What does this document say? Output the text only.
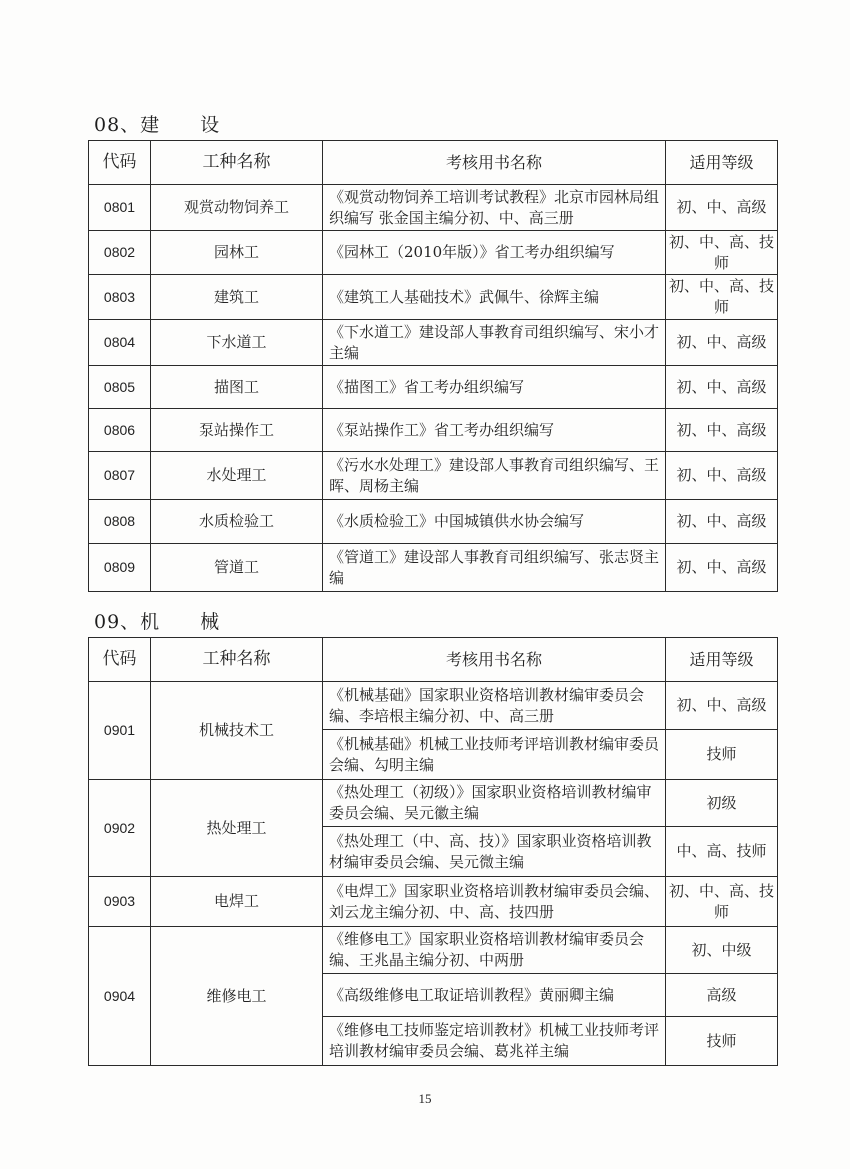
08、建　　设
代码	工种名称	考核用书名称	适用等级
0801	观赏动物饲养工	《观赏动物饲养工培训考试教程》北京市园林局组织编写 张金国主编分初、中、高三册	初、中、高级
0802	园林工	《园林工（2010年版）》省工考办组织编写	初、中、高、技师
0803	建筑工	《建筑工人基础技术》武佩牛、徐辉主编	初、中、高、技师
0804	下水道工	《下水道工》建设部人事教育司组织编写、宋小才主编	初、中、高级
0805	描图工	《描图工》省工考办组织编写	初、中、高级
0806	泵站操作工	《泵站操作工》省工考办组织编写	初、中、高级
0807	水处理工	《污水水处理工》建设部人事教育司组织编写、王晖、周杨主编	初、中、高级
0808	水质检验工	《水质检验工》中国城镇供水协会编写	初、中、高级
0809	管道工	《管道工》建设部人事教育司组织编写、张志贤主编	初、中、高级
09、机　　械
代码	工种名称	考核用书名称	适用等级
0901	机械技术工	《机械基础》国家职业资格培训教材编审委员会编、李培根主编分初、中、高三册	初、中、高级
		《机械基础》机械工业技师考评培训教材编审委员会编、勾明主编	技师
0902	热处理工	《热处理工（初级）》国家职业资格培训教材编审委员会编、吴元徽主编	初级
		《热处理工（中、高、技）》国家职业资格培训教材编审委员会编、吴元微主编	中、高、技师
0903	电焊工	《电焊工》国家职业资格培训教材编审委员会编、刘云龙主编分初、中、高、技四册	初、中、高、技师
0904	维修电工	《维修电工》国家职业资格培训教材编审委员会编、王兆晶主编分初、中两册	初、中级
		《高级维修电工取证培训教程》黄丽卿主编	高级
		《维修电工技师鉴定培训教材》机械工业技师考评培训教材编审委员会编、葛兆祥主编	技师
15
